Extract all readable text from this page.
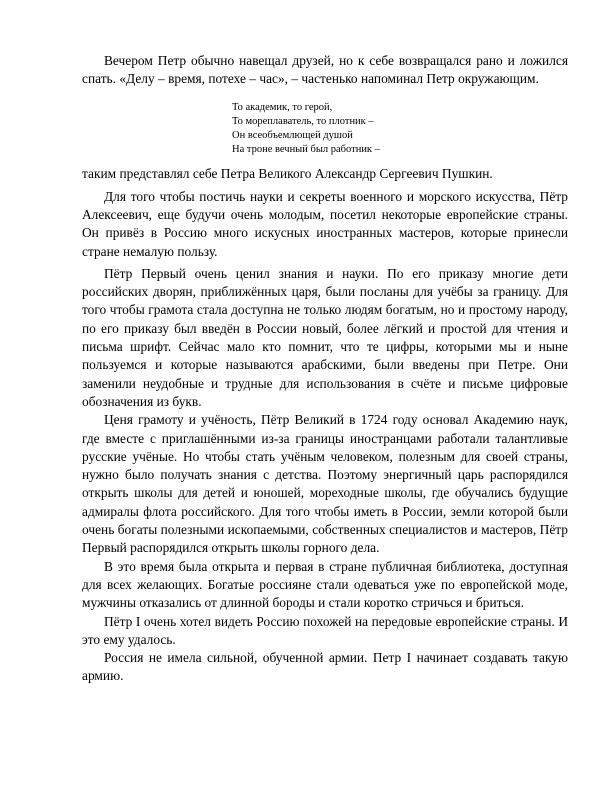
Вечером Петр обычно навещал друзей, но к себе возвращался рано и ложился спать. «Делу – время, потехе – час», – частенько напоминал Петр окружающим.

То академик, то герой,
То мореплаватель, то плотник –
Он всеобъемлющей душой
На троне вечный был работник –

таким представлял себе Петра Великого Александр Сергеевич Пушкин.

Для того чтобы постичь науки и секреты военного и морского искусства, Пётр Алексеевич, еще будучи очень молодым, посетил некоторые европейские страны. Он привёз в Россию много искусных иностранных мастеров, которые принесли стране немалую пользу.

Пётр Первый очень ценил знания и науки. По его приказу многие дети российских дворян, приближённых царя, были посланы для учёбы за границу. Для того чтобы грамота стала доступна не только людям богатым, но и простому народу, по его приказу был введён в России новый, более лёгкий и простой для чтения и письма шрифт. Сейчас мало кто помнит, что те цифры, которыми мы и ныне пользуемся и которые называются арабскими, были введены при Петре. Они заменили неудобные и трудные для использования в счёте и письме цифровые обозначения из букв.

Ценя грамоту и учёность, Пётр Великий в 1724 году основал Академию наук, где вместе с приглашёнными из-за границы иностранцами работали талантливые русские учёные. Но чтобы стать учёным человеком, полезным для своей страны, нужно было получать знания с детства. Поэтому энергичный царь распорядился открыть школы для детей и юношей, мореходные школы, где обучались будущие адмиралы флота российского. Для того чтобы иметь в России, земли которой были очень богаты полезными ископаемыми, собственных специалистов и мастеров, Пётр Первый распорядился открыть школы горного дела.

В это время была открыта и первая в стране публичная библиотека, доступная для всех желающих. Богатые россияне стали одеваться уже по европейской моде, мужчины отказались от длинной бороды и стали коротко стричься и бриться.

Пётр I очень хотел видеть Россию похожей на передовые европейские страны. И это ему удалось.

Россия не имела сильной, обученной армии. Петр I начинает создавать такую армию.
